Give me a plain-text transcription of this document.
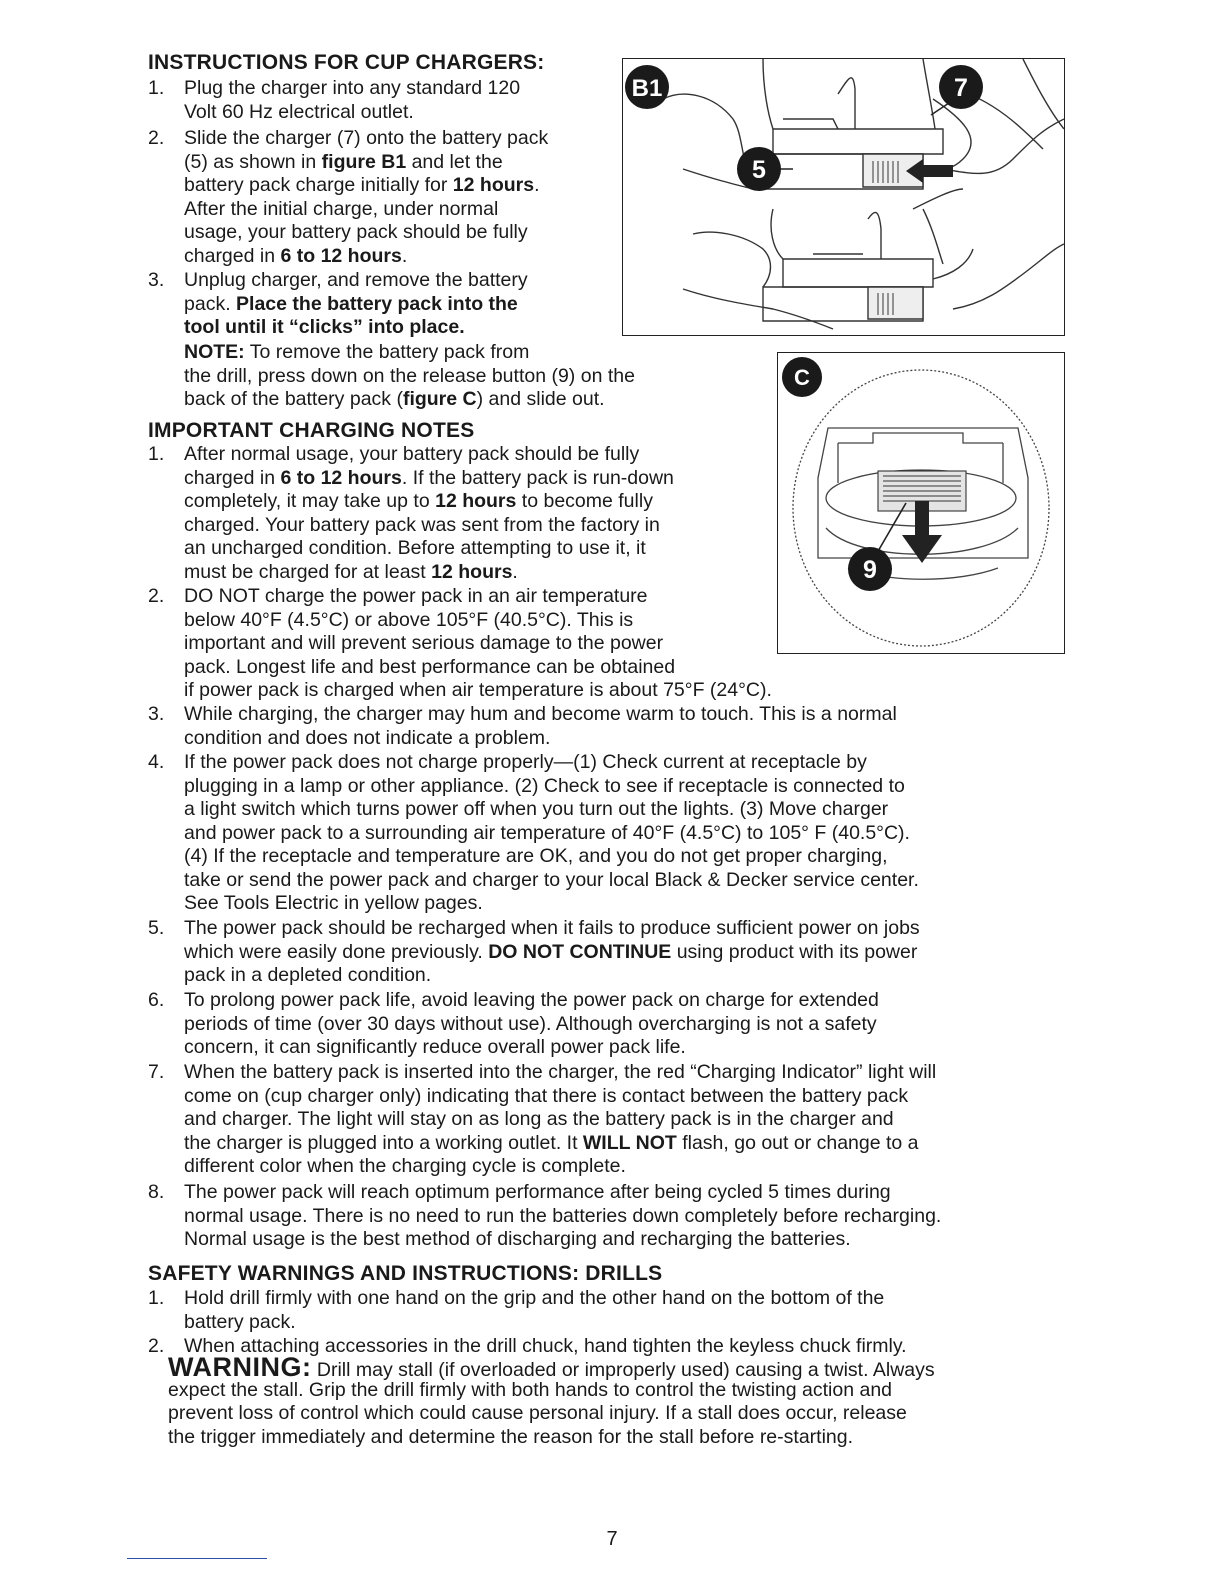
INSTRUCTIONS FOR CUP CHARGERS:
1. Plug the charger into any standard 120
Volt 60 Hz electrical outlet.
2. Slide the charger (7) onto the battery pack
(5) as shown in figure B1 and let the
battery pack charge initially for 12 hours.
After the initial charge, under normal
usage, your battery pack should be fully
charged in 6 to 12 hours.
3. Unplug charger, and remove the battery
pack. Place the battery pack into the
tool until it “clicks” into place.
NOTE: To remove the battery pack from
the drill, press down on the release button (9) on the
back of the battery pack (figure C) and slide out.
B1	7
5
C
9
IMPORTANT CHARGING NOTES
1. After normal usage, your battery pack should be fully
charged in 6 to 12 hours. If the battery pack is run-down
completely, it may take up to 12 hours to become fully
charged. Your battery pack was sent from the factory in
an uncharged condition. Before attempting to use it, it
must be charged for at least 12 hours.
2. DO NOT charge the power pack in an air temperature
below 40°F (4.5°C) or above 105°F (40.5°C). This is
important and will prevent serious damage to the power
pack. Longest life and best performance can be obtained
if power pack is charged when air temperature is about 75°F (24°C).
3. While charging, the charger may hum and become warm to touch. This is a normal
condition and does not indicate a problem.
4. If the power pack does not charge properly—(1) Check current at receptacle by
plugging in a lamp or other appliance. (2) Check to see if receptacle is connected to
a light switch which turns power off when you turn out the lights. (3) Move charger
and power pack to a surrounding air temperature of 40°F (4.5°C) to 105° F (40.5°C).
(4) If the receptacle and temperature are OK, and you do not get proper charging,
take or send the power pack and charger to your local Black & Decker service center.
See Tools Electric in yellow pages.
5. The power pack should be recharged when it fails to produce sufficient power on jobs
which were easily done previously. DO NOT CONTINUE using product with its power
pack in a depleted condition.
6. To prolong power pack life, avoid leaving the power pack on charge for extended
periods of time (over 30 days without use). Although overcharging is not a safety
concern, it can significantly reduce overall power pack life.
7. When the battery pack is inserted into the charger, the red “Charging Indicator” light will
come on (cup charger only) indicating that there is contact between the battery pack
and charger. The light will stay on as long as the battery pack is in the charger and
the charger is plugged into a working outlet. It WILL NOT flash, go out or change to a
different color when the charging cycle is complete.
8. The power pack will reach optimum performance after being cycled 5 times during
normal usage. There is no need to run the batteries down completely before recharging.
Normal usage is the best method of discharging and recharging the batteries.
SAFETY WARNINGS AND INSTRUCTIONS: DRILLS
1. Hold drill firmly with one hand on the grip and the other hand on the bottom of the
battery pack.
2. When attaching accessories in the drill chuck, hand tighten the keyless chuck firmly.
WARNING: Drill may stall (if overloaded or improperly used) causing a twist. Always
expect the stall. Grip the drill firmly with both hands to control the twisting action and
prevent loss of control which could cause personal injury. If a stall does occur, release
the trigger immediately and determine the reason for the stall before re-starting.
7
